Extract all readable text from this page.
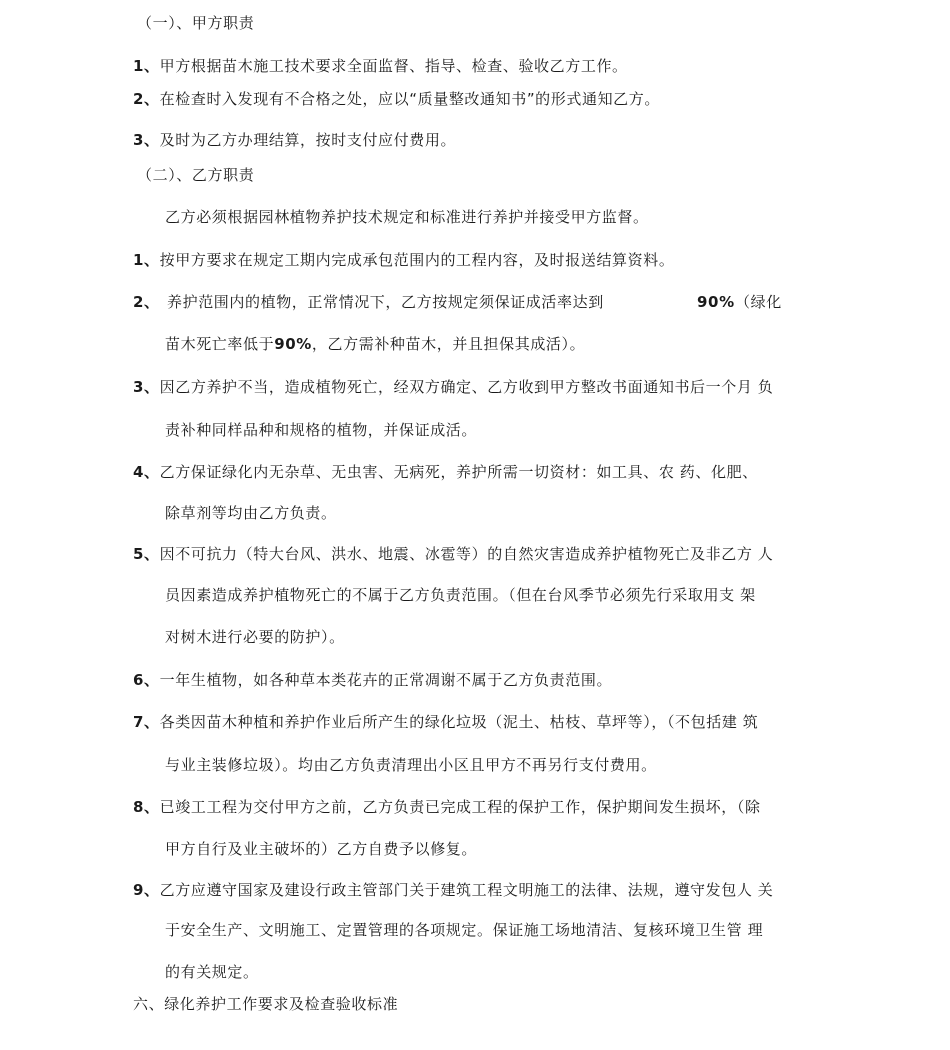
（一）、甲方职责
1、甲方根据苗木施工技术要求全面监督、指导、检查、验收乙方工作。
2、在检查时入发现有不合格之处，应以“质量整改通知书”的形式通知乙方。
3、及时为乙方办理结算，按时支付应付费用。
（二）、乙方职责
乙方必须根据园林植物养护技术规定和标准进行养护并接受甲方监督。
1、按甲方要求在规定工期内完成承包范围内的工程内容，及时报送结算资料。
2、 养护范围内的植物，正常情况下，乙方按规定须保证成活率达到	90% （绿化
苗木死亡率低于90%，乙方需补种苗木，并且担保其成活）。
3、因乙方养护不当，造成植物死亡，经双方确定、乙方收到甲方整改书面通知书后一个月 负
责补种同样品种和规格的植物，并保证成活。
4、乙方保证绿化内无杂草、无虫害、无病死，养护所需一切资材：如工具、农 药、化肥、
除草剂等均由乙方负责。
5、因不可抗力（特大台风、洪水、地震、冰雹等）的自然灾害造成养护植物死亡及非乙方 人
员因素造成养护植物死亡的不属于乙方负责范围。（但在台风季节必须先行采取用支 架
对树木进行必要的防护）。
6、一年生植物，如各种草本类花卉的正常凋谢不属于乙方负责范围。
7、各类因苗木种植和养护作业后所产生的绿化垃圾（泥土、枯枝、草坪等），（不包括建 筑
与业主装修垃圾）。均由乙方负责清理出小区且甲方不再另行支付费用。
8、已竣工工程为交付甲方之前，乙方负责已完成工程的保护工作，保护期间发生损坏，（除
甲方自行及业主破坏的）乙方自费予以修复。
9、乙方应遵守国家及建设行政主管部门关于建筑工程文明施工的法律、法规，遵守发包人 关
于安全生产、文明施工、定置管理的各项规定。保证施工场地清洁、复核环境卫生管 理
的有关规定。
六、绿化养护工作要求及检查验收标准
